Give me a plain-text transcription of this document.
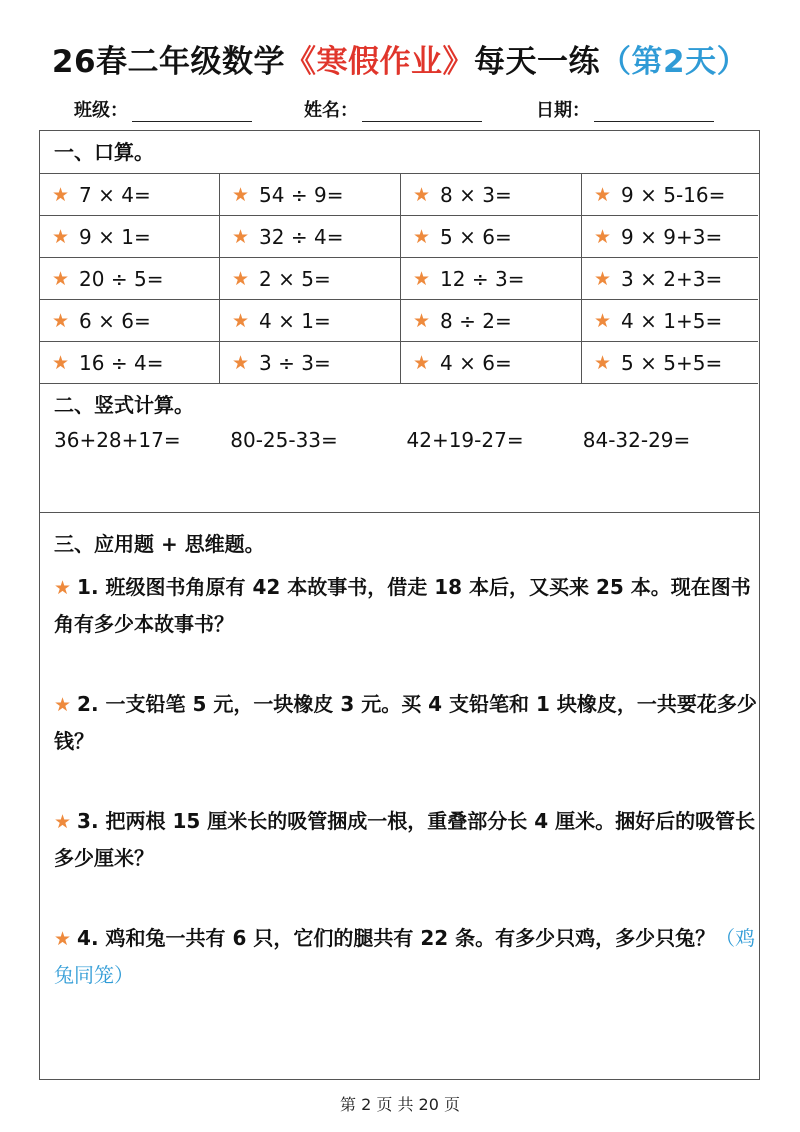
26春二年级数学《寒假作业》每天一练（第2天）
班级：	姓名：	日期：
一、口算。
★ 7 × 4=	★ 54 ÷ 9=	★ 8 × 3=	★ 9 × 5-16=
★ 9 × 1=	★ 32 ÷ 4=	★ 5 × 6=	★ 9 × 9+3=
★ 20 ÷ 5=	★ 2 × 5=	★ 12 ÷ 3=	★ 3 × 2+3=
★ 6 × 6=	★ 4 × 1=	★ 8 ÷ 2=	★ 4 × 1+5=
★ 16 ÷ 4=	★ 3 ÷ 3=	★ 4 × 6=	★ 5 × 5+5=
二、竖式计算。
36+28+17=	80-25-33=	42+19-27=	84-32-29=
三、应用题 + 思维题。
★ 1. 班级图书角原有 42 本故事书，借走 18 本后，又买来 25 本。现在图书角有多少本故事书？
★ 2. 一支铅笔 5 元，一块橡皮 3 元。买 4 支铅笔和 1 块橡皮，一共要花多少钱？
★ 3. 把两根 15 厘米长的吸管捆成一根，重叠部分长 4 厘米。捆好后的吸管长多少厘米？
★ 4. 鸡和兔一共有 6 只，它们的腿共有 22 条。有多少只鸡，多少只兔？（鸡兔同笼）
第 2 页 共 20 页
